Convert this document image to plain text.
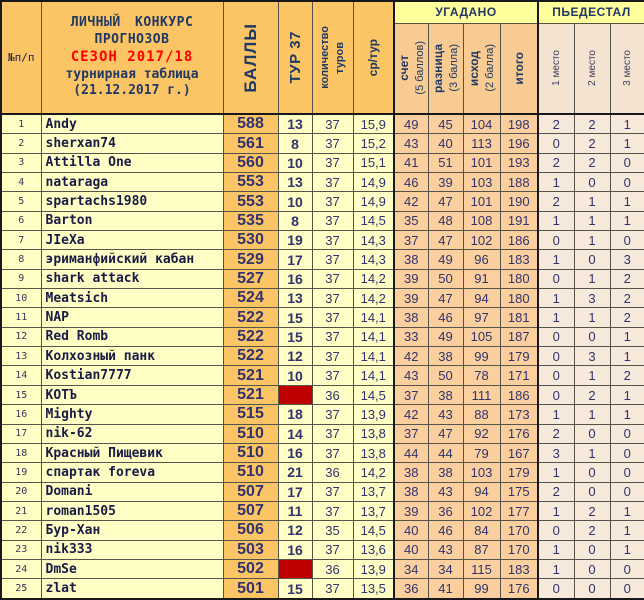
№п/п

ЛИЧНЫЙ КОНКУРС
ПРОГНОЗОВ
СЕЗОН 2017/18
турнирная таблица
(21.12.2017 г.)	БАЛЛЫ	ТУР 37	количество туров	ср/тур
	УГАДАНО	ПЬЕДЕСТАЛ

						счет (5 баллов)	разница (3 балла)	исход (2 балла)	итого	1 место	2 место	3 место

1	Andy	588	13	37	15,9	49	45	104	198	2	2	1
2	sherxan74	561	8	37	15,2	43	40	113	196	0	2	1
3	Attilla One	560	10	37	15,1	41	51	101	193	2	2	0
4	nataraga	553	13	37	14,9	46	39	103	188	1	0	0
5	spartachs1980	553	10	37	14,9	42	47	101	190	2	1	1
6	Barton	535	8	37	14,5	35	48	108	191	1	1	1
7	JIeXa	530	19	37	14,3	37	47	102	186	0	1	0
8	эриманфийский кабан	529	17	37	14,3	38	49	96	183	1	0	3
9	shark attack	527	16	37	14,2	39	50	91	180	0	1	2
10	Meatsich	524	13	37	14,2	39	47	94	180	1	3	2
11	NAP	522	15	37	14,1	38	46	97	181	1	1	2
12	Red Romb	522	15	37	14,1	33	49	105	187	0	0	1
13	Колхозный панк	522	12	37	14,1	42	38	99	179	0	3	1
14	Kostian7777	521	10	37	14,1	43	50	78	171	0	1	2
15	КОТЪ	521		36	14,5	37	38	111	186	0	2	1
16	Mighty	515	18	37	13,9	42	43	88	173	1	1	1
17	nik-62	510	14	37	13,8	37	47	92	176	2	0	0
18	Красный Пищевик	510	16	37	13,8	44	44	79	167	3	1	0
19	спартак foreva	510	21	36	14,2	38	38	103	179	1	0	0
20	Domani	507	17	37	13,7	38	43	94	175	2	0	0
21	roman1505	507	11	37	13,7	39	36	102	177	1	2	1
22	Бур-Хан	506	12	35	14,5	40	46	84	170	0	2	1
23	nik333	503	16	37	13,6	40	43	87	170	1	0	1
24	DmSe	502		36	13,9	34	34	115	183	1	0	0
25	zlat	501	15	37	13,5	36	41	99	176	0	0	0
